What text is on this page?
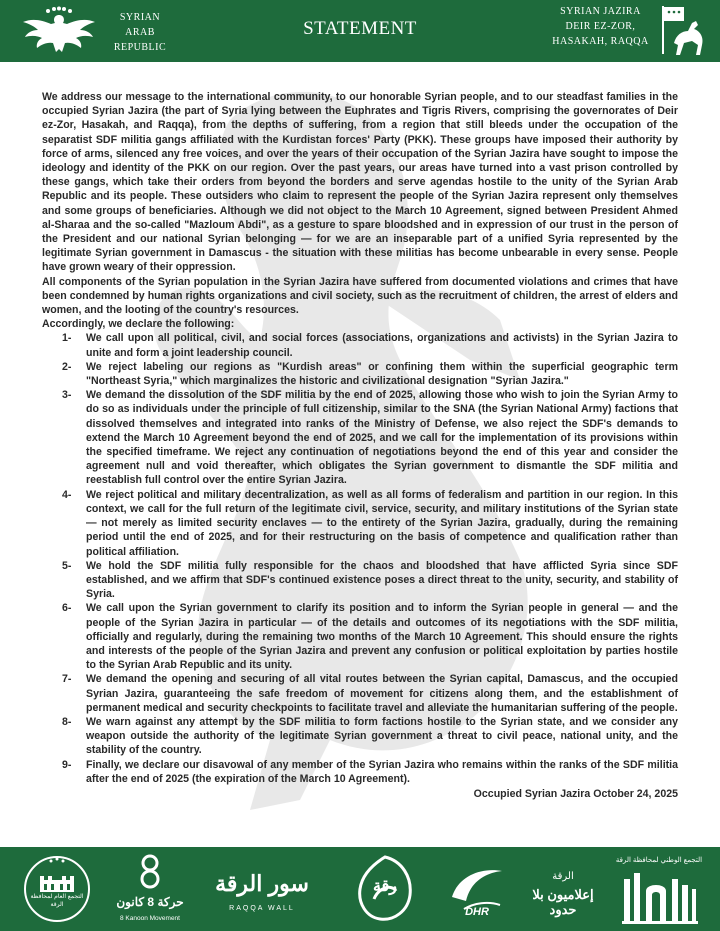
SYRIAN
ARAB
REPUBLIC
STATEMENT
SYRIAN JAZIRA
DEIR EZ-ZOR,
HASAKAH, RAQQA

We address our message to the international community, to our honorable Syrian people, and to our steadfast families in the occupied Syrian Jazira (the part of Syria lying between the Euphrates and Tigris Rivers, comprising the governorates of Deir ez-Zor, Hasakah, and Raqqa), from the depths of suffering, from a region that still bleeds under the occupation of the separatist SDF militia gangs affiliated with the Kurdistan forces' Party (PKK). These groups have imposed their authority by force of arms, silenced any free voices, and over the years of their occupation of the Syrian Jazira have sought to impose the ideology and identity of the PKK on our region. Over the past years, our areas have turned into a vast prison controlled by these gangs, which take their orders from beyond the borders and serve agendas hostile to the unity of the Syrian Arab Republic and its people. These outsiders who claim to represent the people of the Syrian Jazira represent only themselves and some groups of beneficiaries. Although we did not object to the March 10 Agreement, signed between President Ahmed al-Sharaa and the so-called "Mazloum Abdi", as a gesture to spare bloodshed and in expression of our trust in the person of the President and our national Syrian belonging — for we are an inseparable part of a unified Syria represented by the legitimate Syrian government in Damascus - the situation with these militias has become unbearable in every sense. People have grown weary of their oppression.

All components of the Syrian population in the Syrian Jazira have suffered from documented violations and crimes that have been condemned by human rights organizations and civil society, such as the recruitment of children, the arrest of elders and women, and the looting of the country's resources.

Accordingly, we declare the following:

1- We call upon all political, civil, and social forces (associations, organizations and activists) in the Syrian Jazira to unite and form a joint leadership council.
2- We reject labeling our regions as "Kurdish areas" or confining them within the superficial geographic term "Northeast Syria," which marginalizes the historic and civilizational designation "Syrian Jazira."
3- We demand the dissolution of the SDF militia by the end of 2025, allowing those who wish to join the Syrian Army to do so as individuals under the principle of full citizenship, similar to the SNA (the Syrian National Army) factions that dissolved themselves and integrated into ranks of the Ministry of Defense, we also reject the SDF's demands to extend the March 10 Agreement beyond the end of 2025, and we call for the implementation of its provisions within the specified timeframe. We reject any continuation of negotiations beyond the end of this year and consider the agreement null and void thereafter, which obligates the Syrian government to dismantle the SDF militia and reestablish full control over the entire Syrian Jazira.
4- We reject political and military decentralization, as well as all forms of federalism and partition in our region. In this context, we call for the full return of the legitimate civil, service, security, and military institutions of the Syrian state — not merely as limited security enclaves — to the entirety of the Syrian Jazira, gradually, during the remaining period until the end of 2025, and for their restructuring on the basis of competence and qualification rather than political affiliation.
5- We hold the SDF militia fully responsible for the chaos and bloodshed that have afflicted Syria since SDF established, and we affirm that SDF's continued existence poses a direct threat to the unity, security, and stability of Syria.
6- We call upon the Syrian government to clarify its position and to inform the Syrian people in general — and the people of the Syrian Jazira in particular — of the details and outcomes of its negotiations with the SDF militia, officially and regularly, during the remaining two months of the March 10 Agreement. This should ensure the rights and interests of the people of the Syrian Jazira and prevent any confusion or political exploitation by parties hostile to the Syrian Arab Republic and its unity.
7- We demand the opening and securing of all vital routes between the Syrian capital, Damascus, and the occupied Syrian Jazira, guaranteeing the safe freedom of movement for citizens along them, and the establishment of permanent medical and security checkpoints to facilitate travel and alleviate the humanitarian suffering of the people.
8- We warn against any attempt by the SDF militia to form factions hostile to the Syrian state, and we consider any weapon outside the authority of the legitimate Syrian government a threat to civil peace, national unity, and the stability of the country.
9- Finally, we declare our disavowal of any member of the Syrian Jazira who remains within the ranks of the SDF militia after the end of 2025 (the expiration of the March 10 Agreement).
Occupied Syrian Jazira October 24, 2025
التجمع العام لمحافظة الرقة	حركة 8 كانون
8 Kanoon Movement
سور الرقة
RAQQA WALL
رقة
DHR
الرقة
إعلاميون بلا حدود
التجمع الوطني لمحافظة الرقة
